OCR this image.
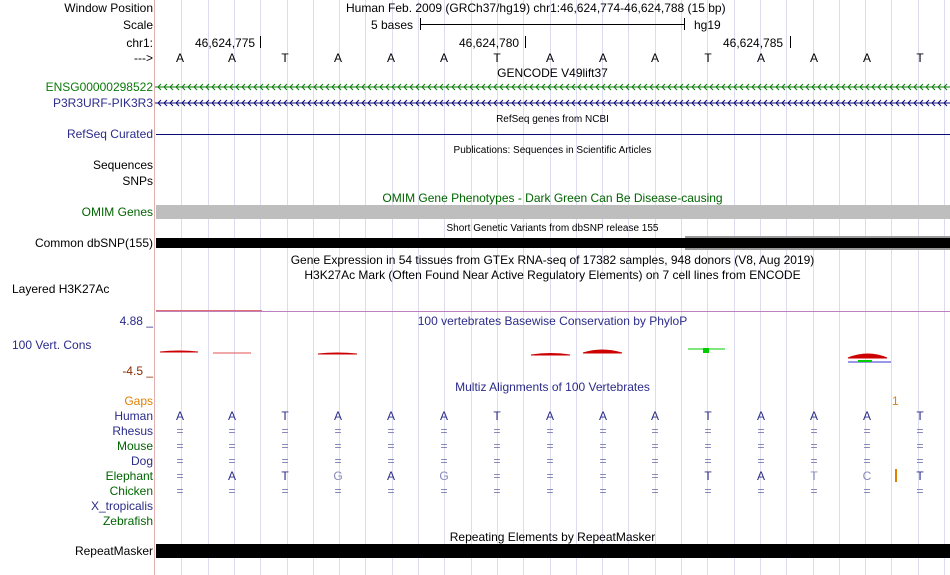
Window Position	Human Feb. 2009 (GRCh37/hg19) chr1:46,624,774-46,624,788 (15 bp)
Scale	5 bases	hg19
chr1:	46,624,775	46,624,780	46,624,785
---> A	A	T	A	A	A	T	A	A	A	T	A	A	A	T
GENCODE V49lift37
ENSG00000298522
P3R3URF-PIK3R3
RefSeq genes from NCBI
RefSeq Curated
Publications: Sequences in Scientific Articles
Sequences
SNPs
OMIM Gene Phenotypes - Dark Green Can Be Disease-causing
OMIM Genes
Short Genetic Variants from dbSNP release 155
Common dbSNP(155)
Gene Expression in 54 tissues from GTEx RNA-seq of 17382 samples, 948 donors (V8, Aug 2019)
H3K27Ac Mark (Often Found Near Active Regulatory Elements) on 7 cell lines from ENCODE
Layered H3K27Ac
4.88 _	100 vertebrates Basewise Conservation by PhyloP
100 Vert. Cons
-4.5 _
Multiz Alignments of 100 Vertebrates
Gaps	1
Human A	A	T	A	A	A	T	A	A	A	T	A	A	A	T
Rhesus =	=	=	=	=	=	=	=	=	=	=	=	=	=	=
Mouse =	=	=	=	=	=	=	=	=	=	=	=	=	=	=
Dog =	=	=	=	=	=	=	=	=	=	=	=	=	=	=
Elephant =	A	T	G	A	G	=	=	=	=	T	A	T	C	T
Chicken =	=	=	=	=	=	=	=	=	=	=	=	=	=	=
X_tropicalis
Zebrafish
Repeating Elements by RepeatMasker
RepeatMasker
